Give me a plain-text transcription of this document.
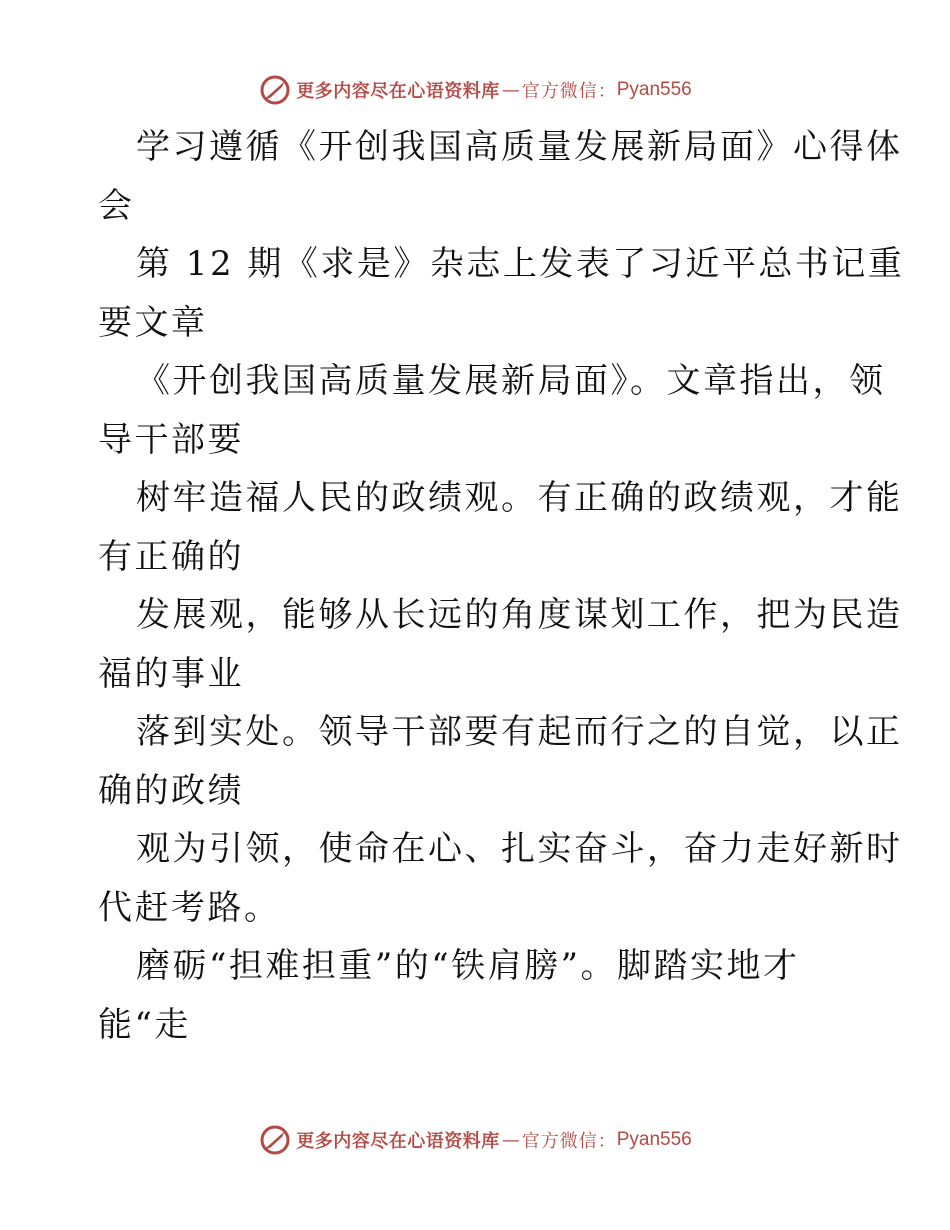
更多内容尽在心语资料库 — 官方微信： Pyan556
学习遵循《开创我国高质量发展新局面》心得体
会
第 12 期《求是》杂志上发表了习近平总书记重
要文章
《开创我国高质量发展新局面》。文章指出，领
导干部要
树牢造福人民的政绩观。有正确的政绩观，才能
有正确的
发展观，能够从长远的角度谋划工作，把为民造
福的事业
落到实处。领导干部要有起而行之的自觉，以正
确的政绩
观为引领，使命在心、扎实奋斗，奋力走好新时
代赶考路。
磨砺“担难担重”的“铁肩膀”。脚踏实地才
能“走
更多内容尽在心语资料库 — 官方微信： Pyan556
